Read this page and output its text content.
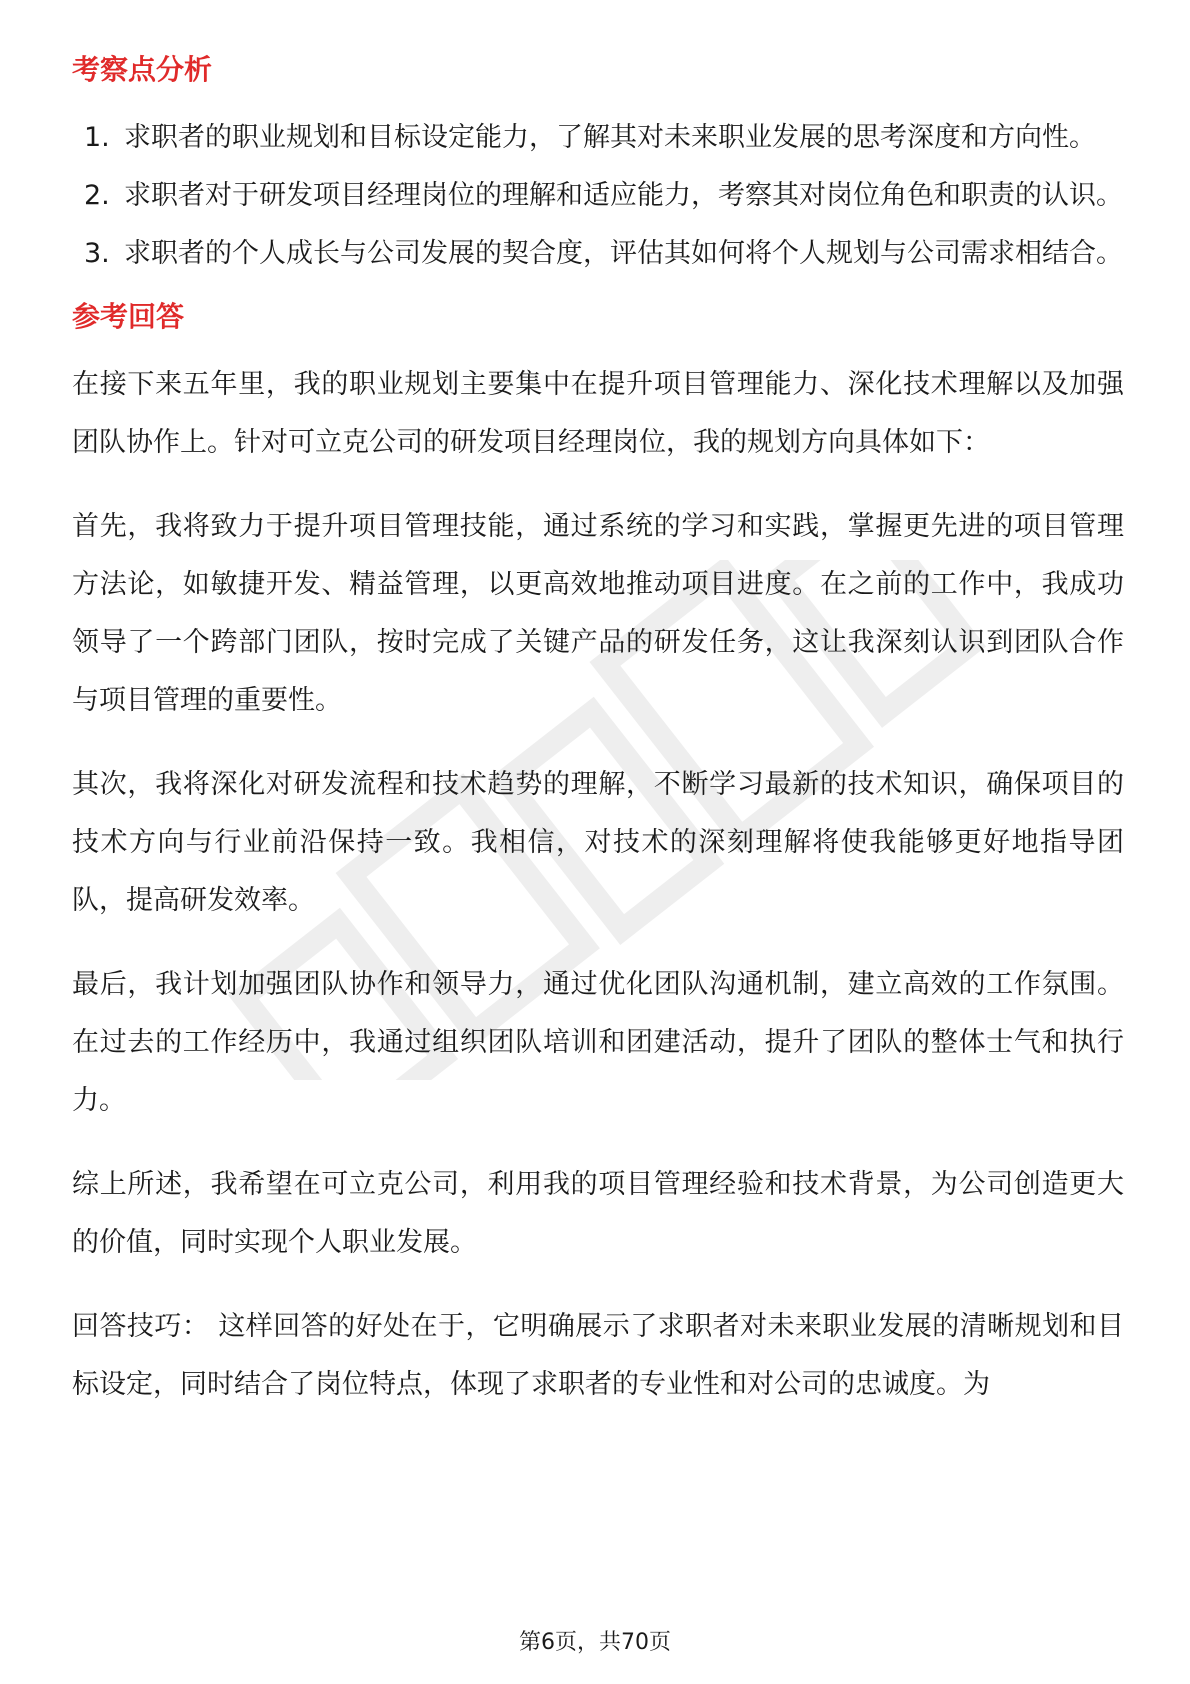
考察点分析
1. 求职者的职业规划和目标设定能力，了解其对未来职业发展的思考深度和方向性。
2. 求职者对于研发项目经理岗位的理解和适应能力，考察其对岗位角色和职责的认识。
3. 求职者的个人成长与公司发展的契合度，评估其如何将个人规划与公司需求相结合。
参考回答

在接下来五年里，我的职业规划主要集中在提升项目管理能力、深化技术理解以及加强团队协作上。针对可立克公司的研发项目经理岗位，我的规划方向具体如下：

首先，我将致力于提升项目管理技能，通过系统的学习和实践，掌握更先进的项目管理方法论，如敏捷开发、精益管理，以更高效地推动项目进度。在之前的工作中，我成功领导了一个跨部门团队，按时完成了关键产品的研发任务，这让我深刻认识到团队合作与项目管理的重要性。

其次，我将深化对研发流程和技术趋势的理解，不断学习最新的技术知识，确保项目的技术方向与行业前沿保持一致。我相信，对技术的深刻理解将使我能够更好地指导团队，提高研发效率。

最后，我计划加强团队协作和领导力，通过优化团队沟通机制，建立高效的工作氛围。在过去的工作经历中，我通过组织团队培训和团建活动，提升了团队的整体士气和执行力。

综上所述，我希望在可立克公司，利用我的项目管理经验和技术背景，为公司创造更大的价值，同时实现个人职业发展。

回答技巧： 这样回答的好处在于，它明确展示了求职者对未来职业发展的清晰规划和目标设定，同时结合了岗位特点，体现了求职者的专业性和对公司的忠诚度。为

第6页，共70页
